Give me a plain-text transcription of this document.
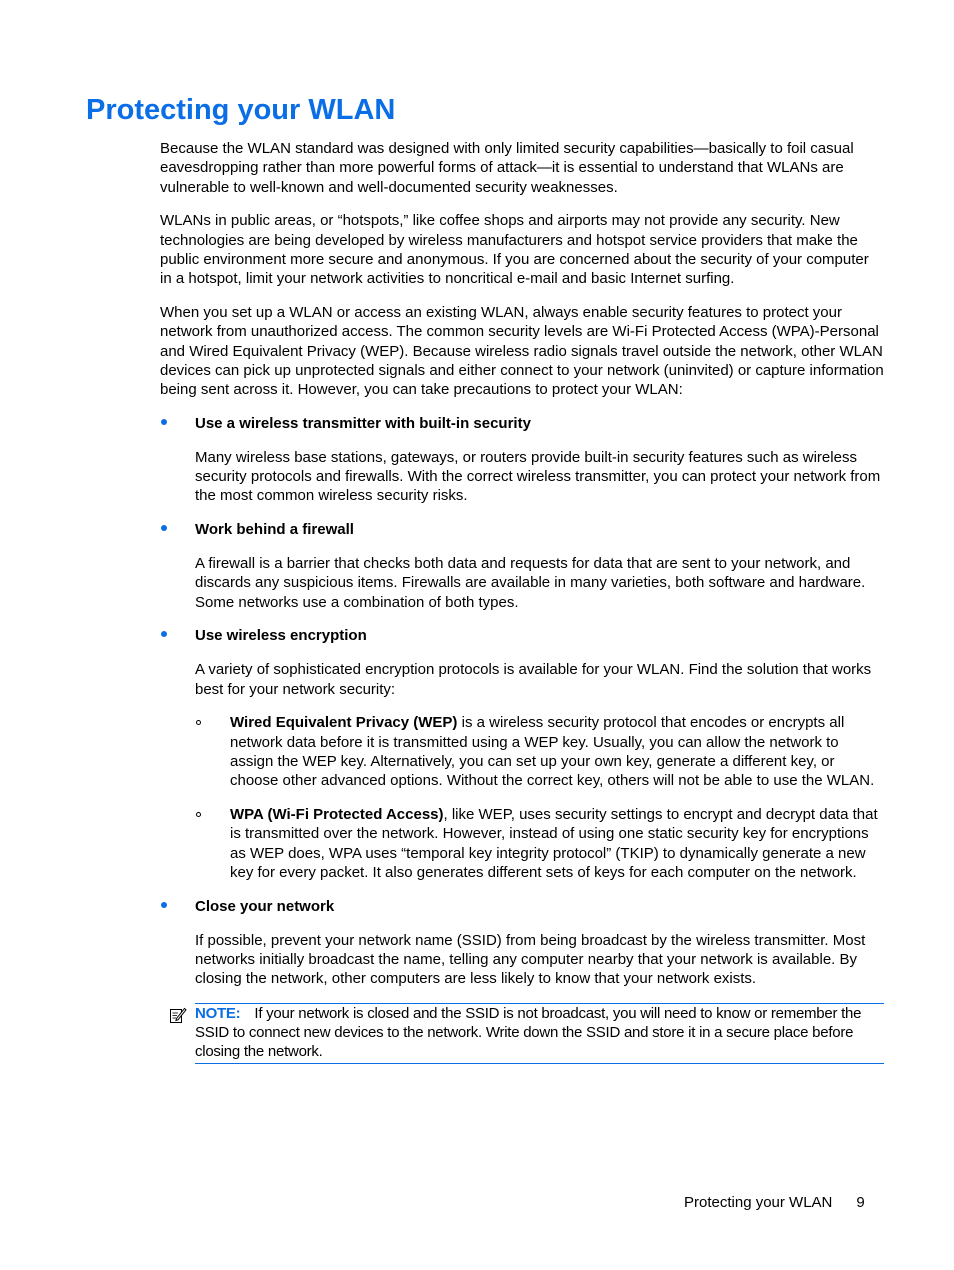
Protecting your WLAN

Because the WLAN standard was designed with only limited security capabilities—basically to foil casual eavesdropping rather than more powerful forms of attack—it is essential to understand that WLANs are vulnerable to well-known and well-documented security weaknesses.

WLANs in public areas, or “hotspots,” like coffee shops and airports may not provide any security. New technologies are being developed by wireless manufacturers and hotspot service providers that make the public environment more secure and anonymous. If you are concerned about the security of your computer in a hotspot, limit your network activities to noncritical e-mail and basic Internet surfing.

When you set up a WLAN or access an existing WLAN, always enable security features to protect your network from unauthorized access. The common security levels are Wi-Fi Protected Access (WPA)-Personal and Wired Equivalent Privacy (WEP). Because wireless radio signals travel outside the network, other WLAN devices can pick up unprotected signals and either connect to your network (uninvited) or capture information being sent across it. However, you can take precautions to protect your WLAN:

Use a wireless transmitter with built-in security

Many wireless base stations, gateways, or routers provide built-in security features such as wireless security protocols and firewalls. With the correct wireless transmitter, you can protect your network from the most common wireless security risks.

Work behind a firewall

A firewall is a barrier that checks both data and requests for data that are sent to your network, and discards any suspicious items. Firewalls are available in many varieties, both software and hardware. Some networks use a combination of both types.

Use wireless encryption

A variety of sophisticated encryption protocols is available for your WLAN. Find the solution that works best for your network security:

Wired Equivalent Privacy (WEP) is a wireless security protocol that encodes or encrypts all network data before it is transmitted using a WEP key. Usually, you can allow the network to assign the WEP key. Alternatively, you can set up your own key, generate a different key, or choose other advanced options. Without the correct key, others will not be able to use the WLAN.

WPA (Wi-Fi Protected Access), like WEP, uses security settings to encrypt and decrypt data that is transmitted over the network. However, instead of using one static security key for encryptions as WEP does, WPA uses “temporal key integrity protocol” (TKIP) to dynamically generate a new key for every packet. It also generates different sets of keys for each computer on the network.

Close your network

If possible, prevent your network name (SSID) from being broadcast by the wireless transmitter. Most networks initially broadcast the name, telling any computer nearby that your network is available. By closing the network, other computers are less likely to know that your network exists.

NOTE: If your network is closed and the SSID is not broadcast, you will need to know or remember the SSID to connect new devices to the network. Write down the SSID and store it in a secure place before closing the network.
Protecting your WLAN 9
